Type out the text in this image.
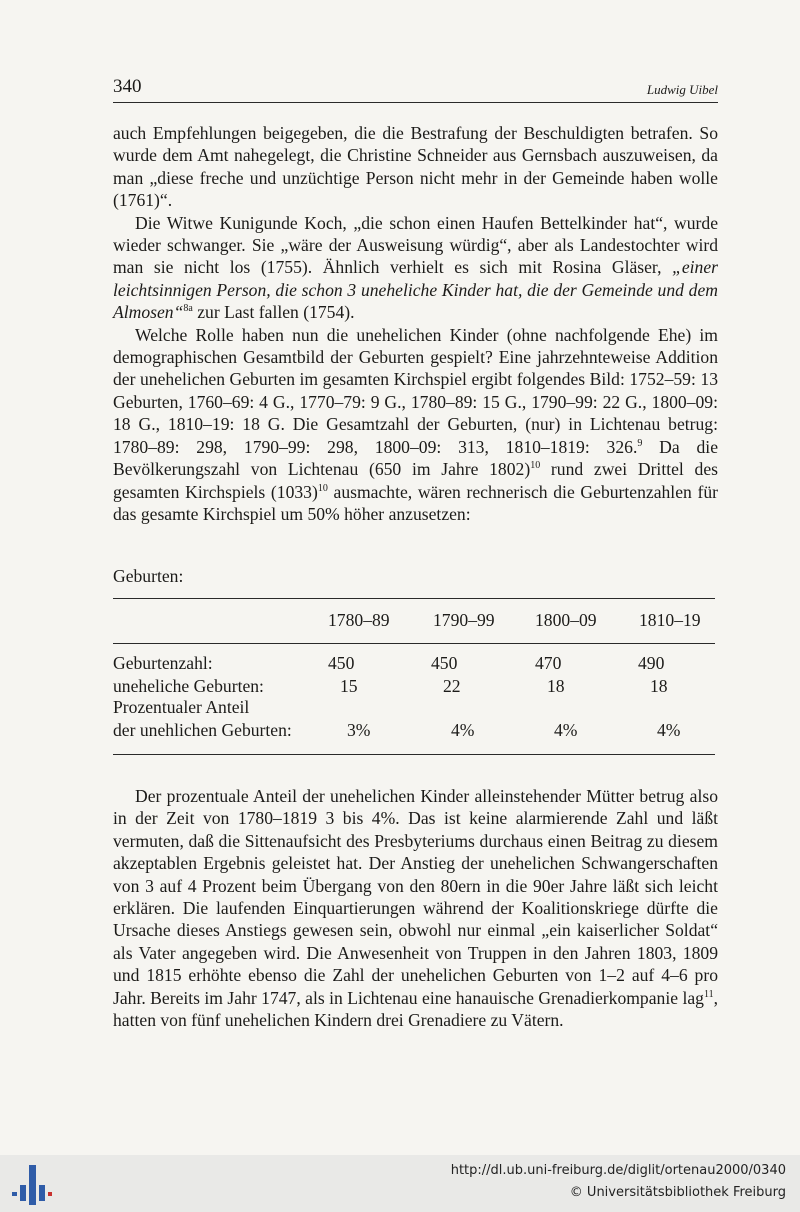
340	Ludwig Uibel

auch Empfehlungen beigegeben, die die Bestrafung der Beschuldigten betrafen. So wurde dem Amt nahegelegt, die Christine Schneider aus Gernsbach auszuweisen, da man „diese freche und unzüchtige Person nicht mehr in der Gemeinde haben wolle (1761)“.

Die Witwe Kunigunde Koch, „die schon einen Haufen Bettelkinder hat“, wurde wieder schwanger. Sie „wäre der Ausweisung würdig“, aber als Landestochter wird man sie nicht los (1755). Ähnlich verhielt es sich mit Rosina Gläser, „einer leichtsinnigen Person, die schon 3 uneheliche Kinder hat, die der Gemeinde und dem Almosen“$^{8a}$ zur Last fallen (1754).

Welche Rolle haben nun die unehelichen Kinder (ohne nachfolgende Ehe) im demographischen Gesamtbild der Geburten gespielt? Eine jahrzehnteweise Addition der unehelichen Geburten im gesamten Kirchspiel ergibt folgendes Bild: 1752–59: 13 Geburten, 1760–69: 4 G., 1770–79: 9 G., 1780–89: 15 G., 1790–99: 22 G., 1800–09: 18 G., 1810–19: 18 G. Die Gesamtzahl der Geburten, (nur) in Lichtenau betrug: 1780–89: 298, 1790–99: 298, 1800–09: 313, 1810–1819: 326.$^9$ Da die Bevölkerungszahl von Lichtenau (650 im Jahre 1802)$^{10}$ rund zwei Drittel des gesamten Kirchspiels $(1033)^{10}$ ausmachte, wären rechnerisch die Geburtenzahlen für das gesamte Kirchspiel um 50% höher anzusetzen:

Geburten:
1780–89 1790–99 1800–09 1810–19
Geburtenzahl:	450	450	470	490
uneheliche Geburten:	15	22	18	18
Prozentualer Anteil
der unehlichen Geburten:	3%	4%	4%	4%

Der prozentuale Anteil der unehelichen Kinder alleinstehender Mütter betrug also in der Zeit von 1780–1819 3 bis 4%. Das ist keine alarmierende Zahl und läßt vermuten, daß die Sittenaufsicht des Presbyteriums durchaus einen Beitrag zu diesem akzeptablen Ergebnis geleistet hat. Der Anstieg der unehelichen Schwangerschaften von 3 auf 4 Prozent beim Übergang von den 80ern in die 90er Jahre läßt sich leicht erklären. Die laufenden Einquartierungen während der Koalitionskriege dürfte die Ursache dieses Anstiegs gewesen sein, obwohl nur einmal „ein kaiserlicher Soldat“ als Vater angegeben wird. Die Anwesenheit von Truppen in den Jahren 1803, 1809 und 1815 erhöhte ebenso die Zahl der unehelichen Geburten von 1–2 auf 4–6 pro Jahr. Bereits im Jahr 1747, als in Lichtenau eine hanauische Grenadierkompanie lag$^{11}$, hatten von fünf unehelichen Kindern drei Grenadiere zu Vätern.

http://dl.ub.uni-freiburg.de/diglit/ortenau2000/0340
© Universitätsbibliothek Freiburg
